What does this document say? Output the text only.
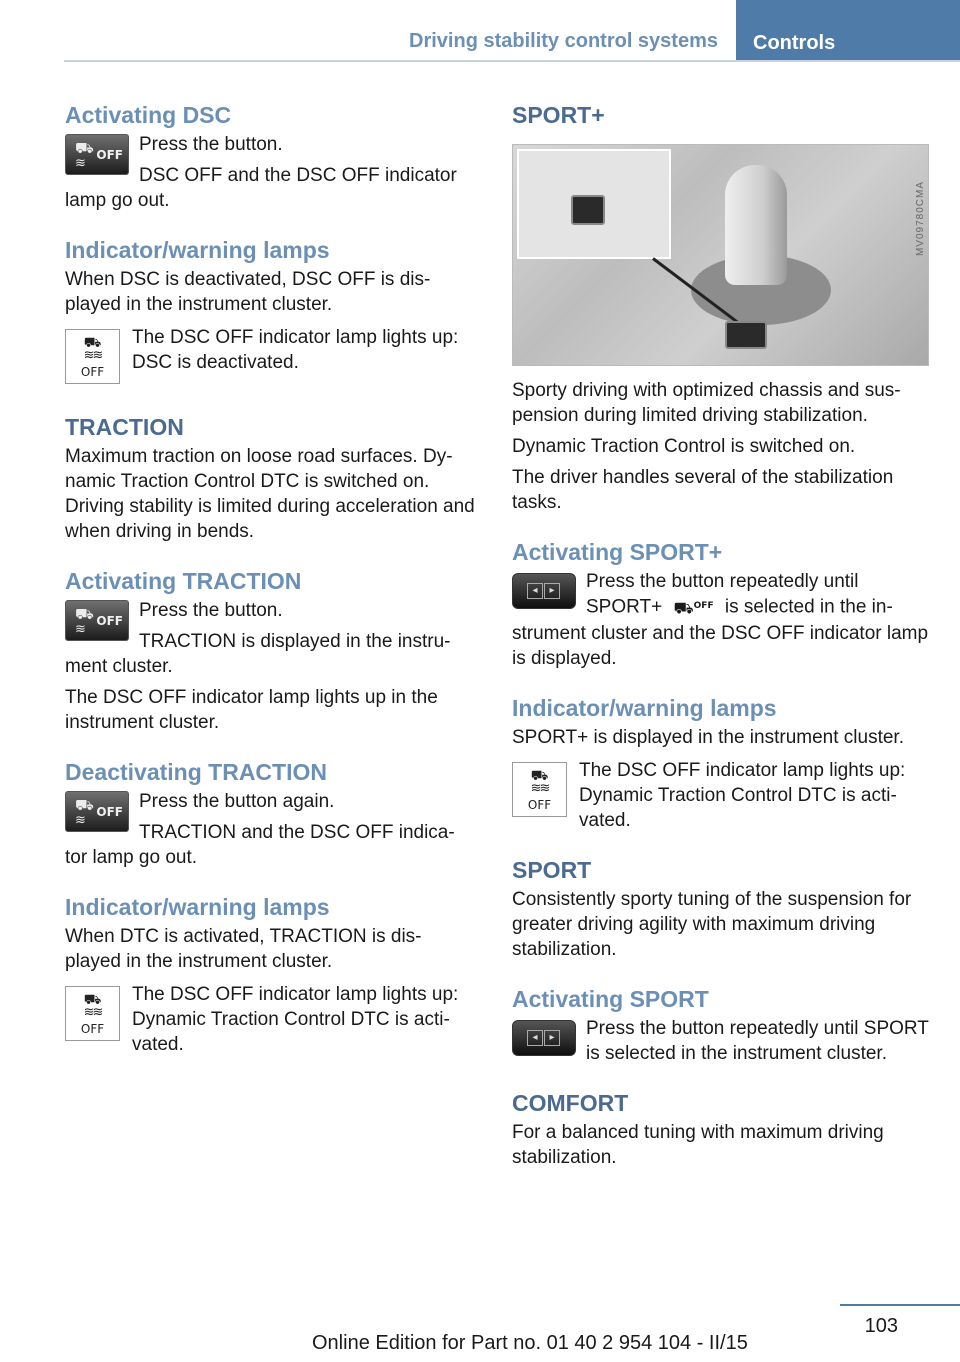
Driving stability control systems	Controls
Activating DSC
⛟
≋ OFF Press the button.

DSC OFF and the DSC OFF indicator lamp go out.

Indicator/warning lamps

When DSC is deactivated, DSC OFF is dis‐ played in the instrument cluster.

⛟
≋≋
OFF

The DSC OFF indicator lamp lights up: DSC is deactivated.

TRACTION

Maximum traction on loose road surfaces. Dy‐ namic Traction Control DTC is switched on. Driving stability is limited during acceleration and when driving in bends.

Activating TRACTION
⛟
≋ OFF Press the button.

TRACTION is displayed in the instru‐ ment cluster.

The DSC OFF indicator lamp lights up in the instrument cluster.

Deactivating TRACTION
⛟
≋ OFF Press the button again.

TRACTION and the DSC OFF indica‐ tor lamp go out.

Indicator/warning lamps

When DTC is activated, TRACTION is dis‐ played in the instrument cluster.

⛟
≋≋
OFF

The DSC OFF indicator lamp lights up: Dynamic Traction Control DTC is acti‐ vated.

SPORT+
MV09780CMA

Sporty driving with optimized chassis and sus‐ pension during limited driving stabilization.

Dynamic Traction Control is switched on.

The driver handles several of the stabilization tasks.

Activating SPORT+
◂	▸	Press the button repeatedly until SPORT+ ⛟$^{OFF}$ is selected in the in‐ strument cluster and the DSC OFF indicator lamp is displayed.

Indicator/warning lamps

SPORT+ is displayed in the instrument cluster.

⛟
≋≋
OFF

The DSC OFF indicator lamp lights up: Dynamic Traction Control DTC is acti‐ vated.

SPORT

Consistently sporty tuning of the suspension for greater driving agility with maximum driving stabilization.

Activating SPORT
◂	▸	Press the button repeatedly until SPORT is selected in the instrument cluster.

COMFORT

For a balanced tuning with maximum driving stabilization.

103
Online Edition for Part no. 01 40 2 954 104 - II/15
